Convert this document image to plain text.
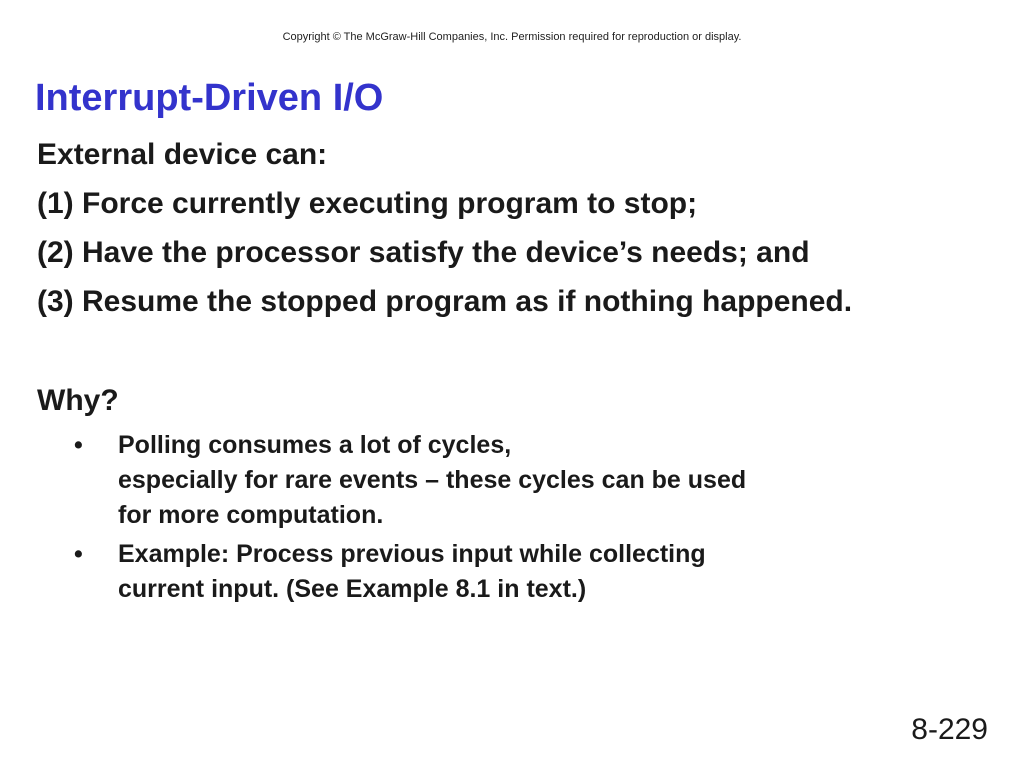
Copyright © The McGraw-Hill Companies, Inc. Permission required for reproduction or display.
Interrupt-Driven I/O

External device can:

(1) Force currently executing program to stop;

(2) Have the processor satisfy the device’s needs; and

(3) Resume the stopped program as if nothing happened.

Why?

•	Polling consumes a lot of cycles,
especially for rare events – these cycles can be used
for more computation.
•	Example: Process previous input while collecting
current input. (See Example 8.1 in text.)
8-229
